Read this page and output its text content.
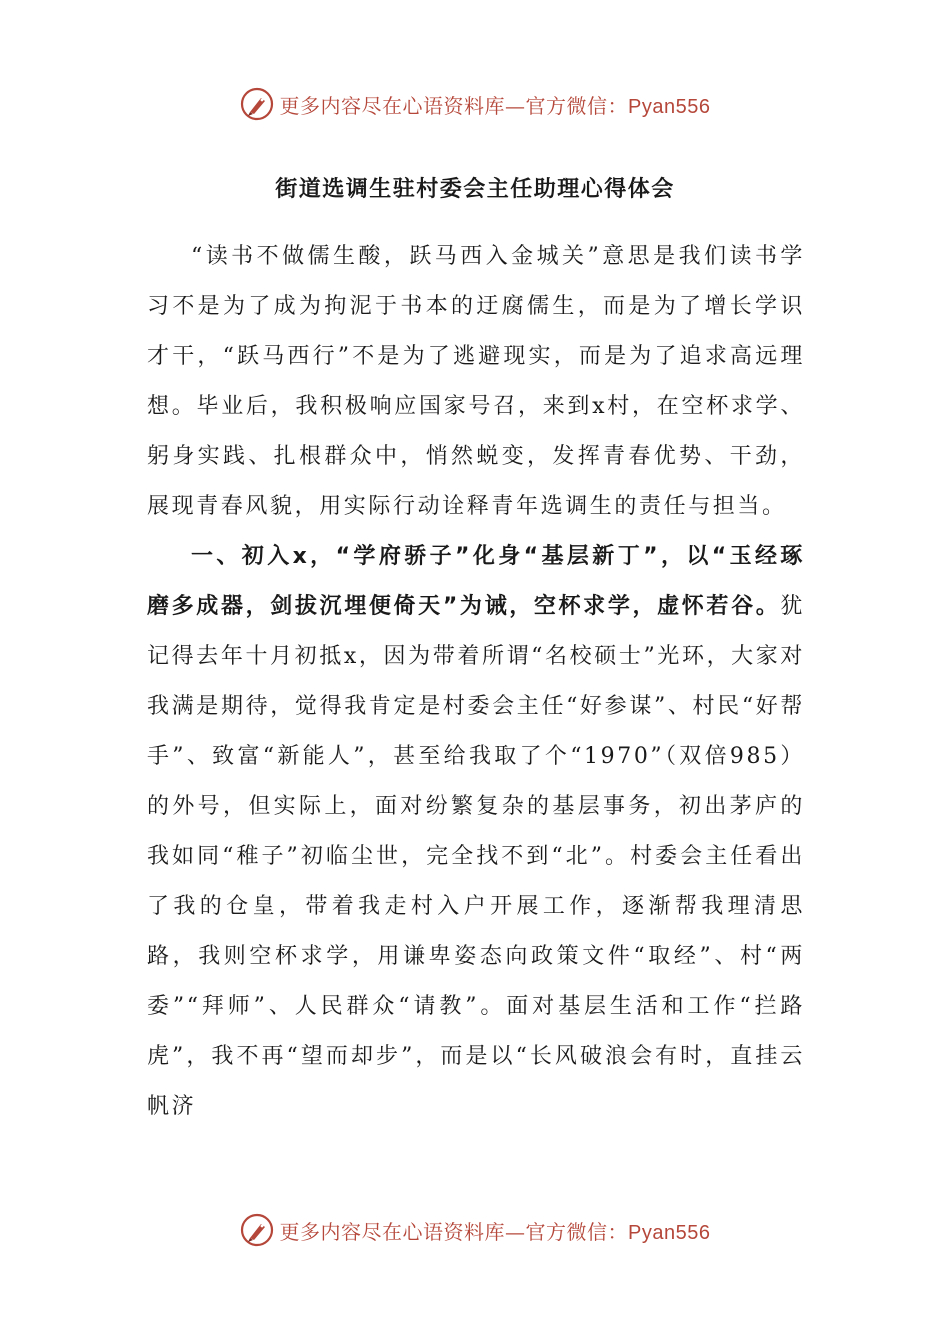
更多内容尽在心语资料库—官方微信：Pyan556
街道选调生驻村委会主任助理心得体会

“读书不做儒生酸，跃马西入金城关”意思是我们读书学习不是为了成为拘泥于书本的迂腐儒生，而是为了增长学识才干，“跃马西行”不是为了逃避现实，而是为了追求高远理想。毕业后，我积极响应国家号召，来到x村，在空杯求学、躬身实践、扎根群众中，悄然蜕变，发挥青春优势、干劲，展现青春风貌，用实际行动诠释青年选调生的责任与担当。

一、初入x，“学府骄子”化身“基层新丁”，以“玉经琢磨多成器，剑拔沉埋便倚天”为诫，空杯求学，虚怀若谷。犹记得去年十月初抵x，因为带着所谓“名校硕士”光环，大家对我满是期待，觉得我肯定是村委会主任“好参谋”、村民“好帮手”、致富“新能人”，甚至给我取了个“1970”（双倍985）的外号，但实际上，面对纷繁复杂的基层事务，初出茅庐的我如同“稚子”初临尘世，完全找不到“北”。村委会主任看出了我的仓皇，带着我走村入户开展工作，逐渐帮我理清思路，我则空杯求学，用谦卑姿态向政策文件“取经”、村“两委”“拜师”、人民群众“请教”。面对基层生活和工作“拦路虎”，我不再“望而却步”，而是以“长风破浪会有时，直挂云帆济

更多内容尽在心语资料库—官方微信：Pyan556
